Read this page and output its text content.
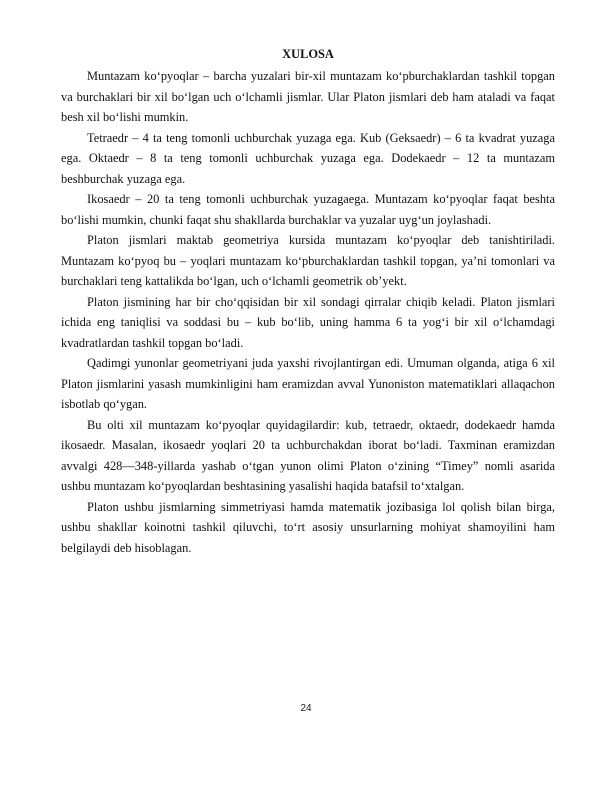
XULOSA

Muntazam koʻpyoqlar – barcha yuzalari bir-xil muntazam ko‘pburchaklardan tashkil topgan va burchaklari bir xil bo‘lgan uch o‘lchamli jismlar. Ular Platon jismlari deb ham ataladi va faqat besh xil bo‘lishi mumkin.

Tetraedr – 4 ta teng tomonli uchburchak yuzaga ega. Kub (Geksaedr) – 6 ta kvadrat yuzaga ega. Oktaedr – 8 ta teng tomonli uchburchak yuzaga ega. Dodekaedr – 12 ta muntazam beshburchak yuzaga ega.

Ikosaedr – 20 ta teng tomonli uchburchak yuzagaega. Muntazam koʻpyoqlar faqat beshta bo‘lishi mumkin, chunki faqat shu shakllarda burchaklar va yuzalar uyg‘un joylashadi.

Platon jismlari maktab geometriya kursida muntazam koʻpyoqlar deb tanishtiriladi. Muntazam koʻpyoq bu – yoqlari muntazam koʻpburchaklardan tashkil topgan, yaʼni tomonlari va burchaklari teng kattalikda boʻlgan, uch oʻlchamli geometrik ob’yekt.

Platon jismining har bir choʻqqisidan bir xil sondagi qirralar chiqib keladi. Platon jismlari ichida eng taniqlisi va soddasi bu – kub boʻlib, uning hamma 6 ta yogʻi bir xil oʻlchamdagi kvadratlardan tashkil topgan boʻladi.

Qadimgi yunonlar geometriyani juda yaxshi rivojlantirgan edi. Umuman olganda, atiga 6 xil Platon jismlarini yasash mumkinligini ham eramizdan avval Yunoniston matematiklari allaqachon isbotlab qoʻygan.

Bu olti xil muntazam koʻpyoqlar quyidagilardir: kub, tetraedr, oktaedr, dodekaedr hamda ikosaedr. Masalan, ikosaedr yoqlari 20 ta uchburchakdan iborat boʻladi. Taxminan eramizdan avvalgi 428—348-yillarda yashab oʻtgan yunon olimi Platon oʻzining “Timey” nomli asarida ushbu muntazam koʻpyoqlardan beshtasining yasalishi haqida batafsil toʻxtalgan.

Platon ushbu jismlarning simmetriyasi hamda matematik jozibasiga lol qolish bilan birga, ushbu shakllar koinotni tashkil qiluvchi, toʻrt asosiy unsurlarning mohiyat shamoyilini ham belgilaydi deb hisoblagan.

24
